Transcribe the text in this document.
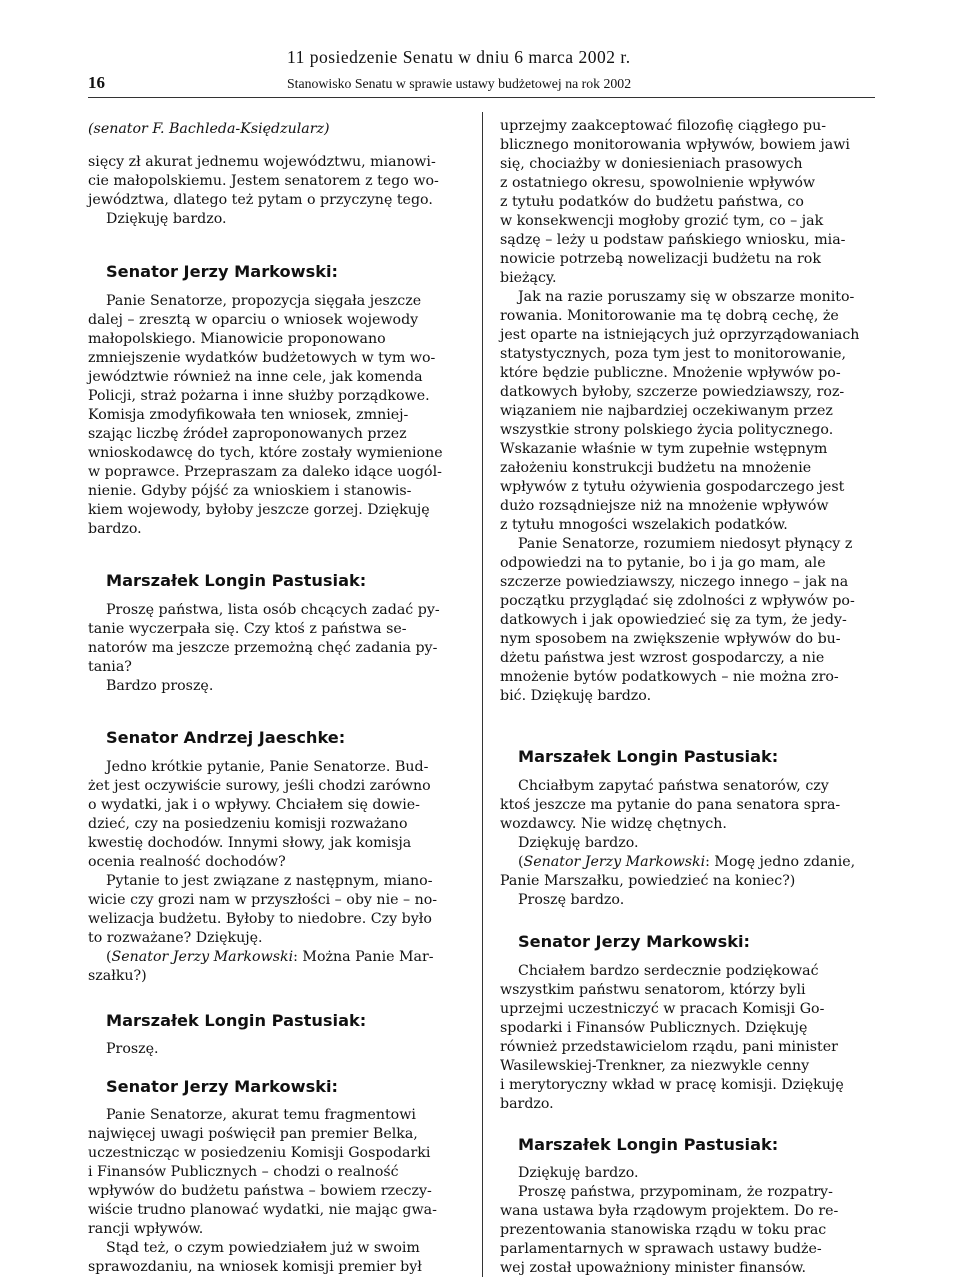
16
11 posiedzenie Senatu w dniu 6 marca 2002 r.
Stanowisko Senatu w sprawie ustawy budżetowej na rok 2002
(senator F. Bachleda-Księdzularz)
sięcy zł akurat jednemu województwu, mianowi-
cie małopolskiemu. Jestem senatorem z tego wo-
jewództwa, dlatego też pytam o przyczynę tego.
Dziękuję bardzo.
Senator Jerzy Markowski:
Panie Senatorze, propozycja sięgała jeszcze
dalej – zresztą w oparciu o wniosek wojewody
małopolskiego. Mianowicie proponowano
zmniejszenie wydatków budżetowych w tym wo-
jewództwie również na inne cele, jak komenda
Policji, straż pożarna i inne służby porządkowe.
Komisja zmodyfikowała ten wniosek, zmniej-
szając liczbę źródeł zaproponowanych przez
wnioskodawcę do tych, które zostały wymienione
w poprawce. Przepraszam za daleko idące uogól-
nienie. Gdyby pójść za wnioskiem i stanowis-
kiem wojewody, byłoby jeszcze gorzej. Dziękuję
bardzo.
Marszałek Longin Pastusiak:
Proszę państwa, lista osób chcących zadać py-
tanie wyczerpała się. Czy ktoś z państwa se-
natorów ma jeszcze przemożną chęć zadania py-
tania?
Bardzo proszę.
Senator Andrzej Jaeschke:
Jedno krótkie pytanie, Panie Senatorze. Bud-
żet jest oczywiście surowy, jeśli chodzi zarówno
o wydatki, jak i o wpływy. Chciałem się dowie-
dzieć, czy na posiedzeniu komisji rozważano
kwestię dochodów. Innymi słowy, jak komisja
ocenia realność dochodów?
Pytanie to jest związane z następnym, miano-
wicie czy grozi nam w przyszłości – oby nie – no-
welizacja budżetu. Byłoby to niedobre. Czy było
to rozważane? Dziękuję.
(Senator Jerzy Markowski: Można Panie Mar-
szałku?)
Marszałek Longin Pastusiak:
Proszę.
Senator Jerzy Markowski:
Panie Senatorze, akurat temu fragmentowi
najwięcej uwagi poświęcił pan premier Belka,
uczestnicząc w posiedzeniu Komisji Gospodarki
i Finansów Publicznych – chodzi o realność
wpływów do budżetu państwa – bowiem rzeczy-
wiście trudno planować wydatki, nie mając gwa-
rancji wpływów.
Stąd też, o czym powiedziałem już w swoim
sprawozdaniu, na wniosek komisji premier był
uprzejmy zaakceptować filozofię ciągłego pu-
blicznego monitorowania wpływów, bowiem jawi
się, chociażby w doniesieniach prasowych
z ostatniego okresu, spowolnienie wpływów
z tytułu podatków do budżetu państwa, co
w konsekwencji mogłoby grozić tym, co – jak
sądzę – leży u podstaw pańskiego wniosku, mia-
nowicie potrzebą nowelizacji budżetu na rok
bieżący.
Jak na razie poruszamy się w obszarze monito-
rowania. Monitorowanie ma tę dobrą cechę, że
jest oparte na istniejących już oprzyrządowaniach
statystycznych, poza tym jest to monitorowanie,
które będzie publiczne. Mnożenie wpływów po-
datkowych byłoby, szczerze powiedziawszy, roz-
wiązaniem nie najbardziej oczekiwanym przez
wszystkie strony polskiego życia politycznego.
Wskazanie właśnie w tym zupełnie wstępnym
założeniu konstrukcji budżetu na mnożenie
wpływów z tytułu ożywienia gospodarczego jest
dużo rozsądniejsze niż na mnożenie wpływów
z tytułu mnogości wszelakich podatków.
Panie Senatorze, rozumiem niedosyt płynący z
odpowiedzi na to pytanie, bo i ja go mam, ale
szczerze powiedziawszy, niczego innego – jak na
początku przyglądać się zdolności z wpływów po-
datkowych i jak opowiedzieć się za tym, że jedy-
nym sposobem na zwiększenie wpływów do bu-
dżetu państwa jest wzrost gospodarczy, a nie
mnożenie bytów podatkowych – nie można zro-
bić. Dziękuję bardzo.
Marszałek Longin Pastusiak:
Chciałbym zapytać państwa senatorów, czy
ktoś jeszcze ma pytanie do pana senatora spra-
wozdawcy. Nie widzę chętnych.
Dziękuję bardzo.
(Senator Jerzy Markowski: Mogę jedno zdanie,
Panie Marszałku, powiedzieć na koniec?)
Proszę bardzo.
Senator Jerzy Markowski:
Chciałem bardzo serdecznie podziękować
wszystkim państwu senatorom, którzy byli
uprzejmi uczestniczyć w pracach Komisji Go-
spodarki i Finansów Publicznych. Dziękuję
również przedstawicielom rządu, pani minister
Wasilewskiej-Trenkner, za niezwykle cenny
i merytoryczny wkład w pracę komisji. Dziękuję
bardzo.
Marszałek Longin Pastusiak:
Dziękuję bardzo.
Proszę państwa, przypominam, że rozpatry-
wana ustawa była rządowym projektem. Do re-
prezentowania stanowiska rządu w toku prac
parlamentarnych w sprawach ustawy budże-
wej został upoważniony minister finansów.
